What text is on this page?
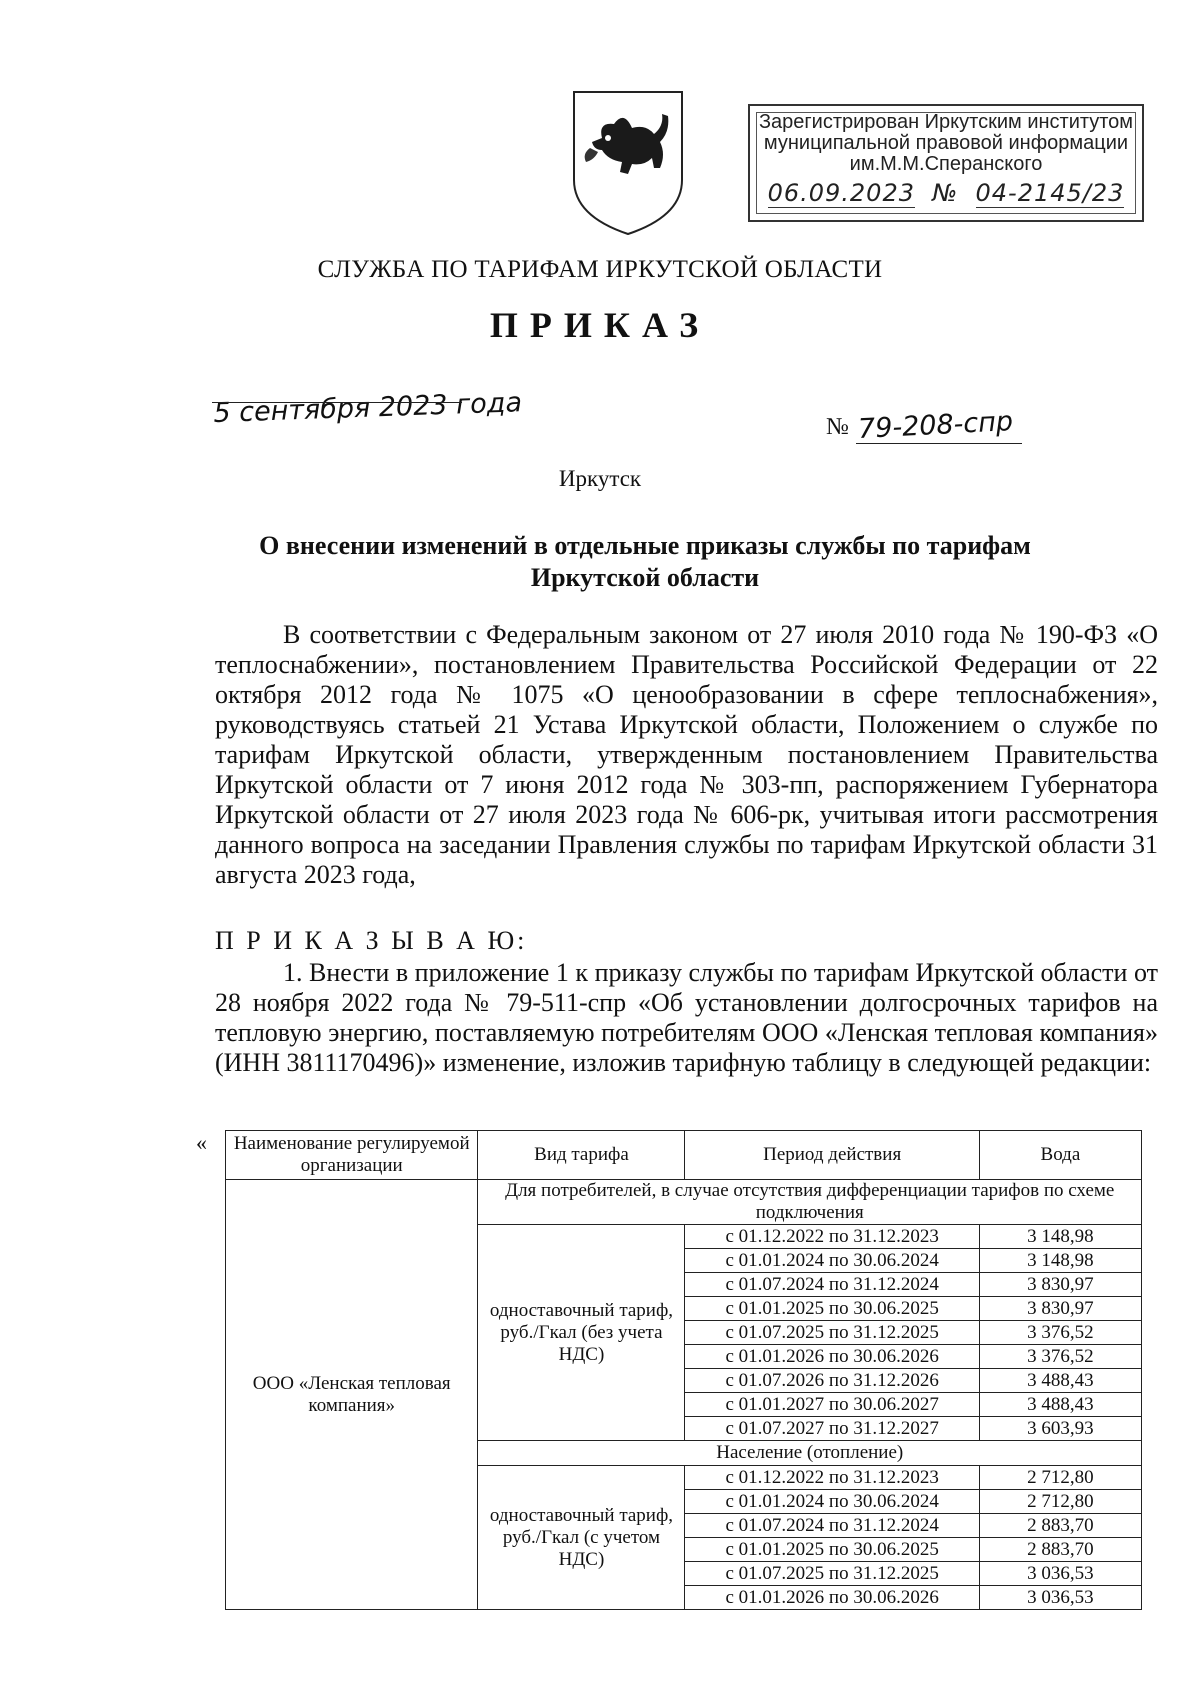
Зарегистрирован Иркутским институтом
муниципальной правовой информации
им.М.М.Сперанского
06.09.2023 № 04-2145/23
СЛУЖБА ПО ТАРИФАМ ИРКУТСКОЙ ОБЛАСТИ
ПРИКАЗ
5 сентября 2023 года	№ 79-208-спр
Иркутск
О внесении изменений в отдельные приказы службы по тарифам Иркутской области
В соответствии с Федеральным законом от 27 июля 2010 года № 190-ФЗ «О теплоснабжении», постановлением Правительства Российской Федерации от 22 октября 2012 года № 1075 «О ценообразовании в сфере теплоснабжения», руководствуясь статьей 21 Устава Иркутской области, Положением о службе по тарифам Иркутской области, утвержденным постановлением Правительства Иркутской области от 7 июня 2012 года № 303-пп, распоряжением Губернатора Иркутской области от 27 июля 2023 года № 606-рк, учитывая итоги рассмотрения данного вопроса на заседании Правления службы по тарифам Иркутской области 31 августа 2023 года,
П Р И К А З Ы В А Ю:
1. Внести в приложение 1 к приказу службы по тарифам Иркутской области от 28 ноября 2022 года № 79-511-спр «Об установлении долгосрочных тарифов на тепловую энергию, поставляемую потребителям ООО «Ленская тепловая компания» (ИНН 3811170496)» изменение, изложив тарифную таблицу в следующей редакции:
« Наименование регулируемой организации	Вид тарифа	Период действия	Вода
ООО «Ленская тепловая компания»	Для потребителей, в случае отсутствия дифференциации тарифов по схеме подключения		
	одноставочный тариф, руб./Гкал (без учета НДС)	с 01.12.2022 по 31.12.2023	3 148,98
		с 01.01.2024 по 30.06.2024	3 148,98
		с 01.07.2024 по 31.12.2024	3 830,97
		с 01.01.2025 по 30.06.2025	3 830,97
		с 01.07.2025 по 31.12.2025	3 376,52
		с 01.01.2026 по 30.06.2026	3 376,52
		с 01.07.2026 по 31.12.2026	3 488,43
		с 01.01.2027 по 30.06.2027	3 488,43
		с 01.07.2027 по 31.12.2027	3 603,93
	Население (отопление)		
	одноставочный тариф, руб./Гкал (с учетом НДС)	с 01.12.2022 по 31.12.2023	2 712,80
		с 01.01.2024 по 30.06.2024	2 712,80
		с 01.07.2024 по 31.12.2024	2 883,70
		с 01.01.2025 по 30.06.2025	2 883,70
		с 01.07.2025 по 31.12.2025	3 036,53
		с 01.01.2026 по 30.06.2026	3 036,53
